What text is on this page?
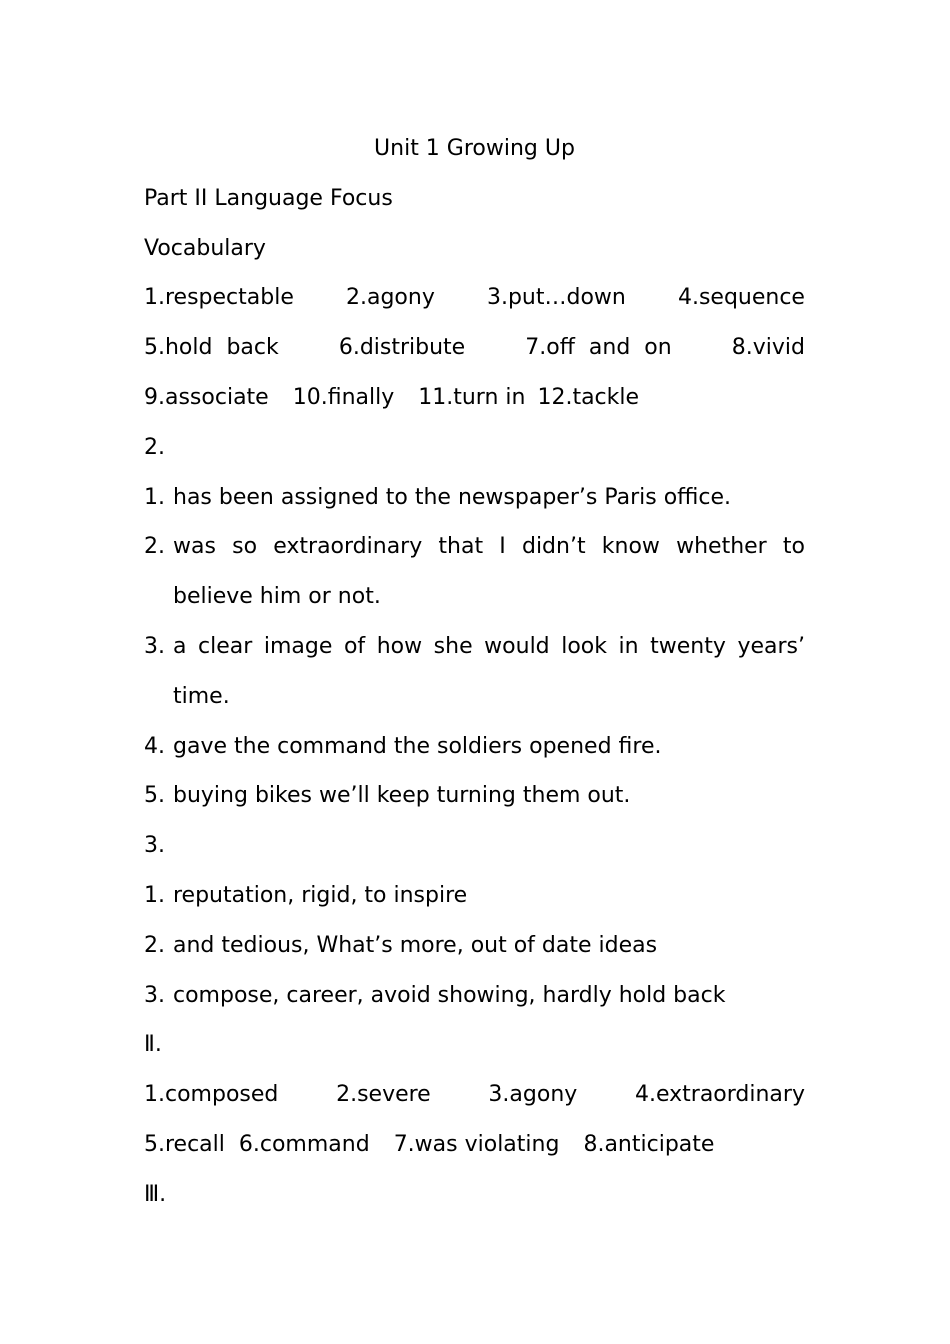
Unit 1 Growing Up
Part II Language Focus
Vocabulary
1.respectable 2.agony 3.put…down 4.sequence
5.hold  back	6.distribute	7.off  and  on	8.vivid
9.associate 10.finally 11.turn in 12.tackle
2.
1. has been assigned to the newspaper’s Paris office.
2. was so extraordinary that I didn’t know whether to believe him or not.
3. a clear image of how she would look in twenty years’ time.
4. gave the command the soldiers opened fire.
5. buying bikes we’ll keep turning them out.
3.
1. reputation, rigid, to inspire
2. and tedious, What’s more, out of date ideas
3. compose, career, avoid showing, hardly hold back
Ⅱ.
1.composed	2.severe	3.agony	4.extraordinary
5.recall 6.command 7.was violating 8.anticipate
Ⅲ.
